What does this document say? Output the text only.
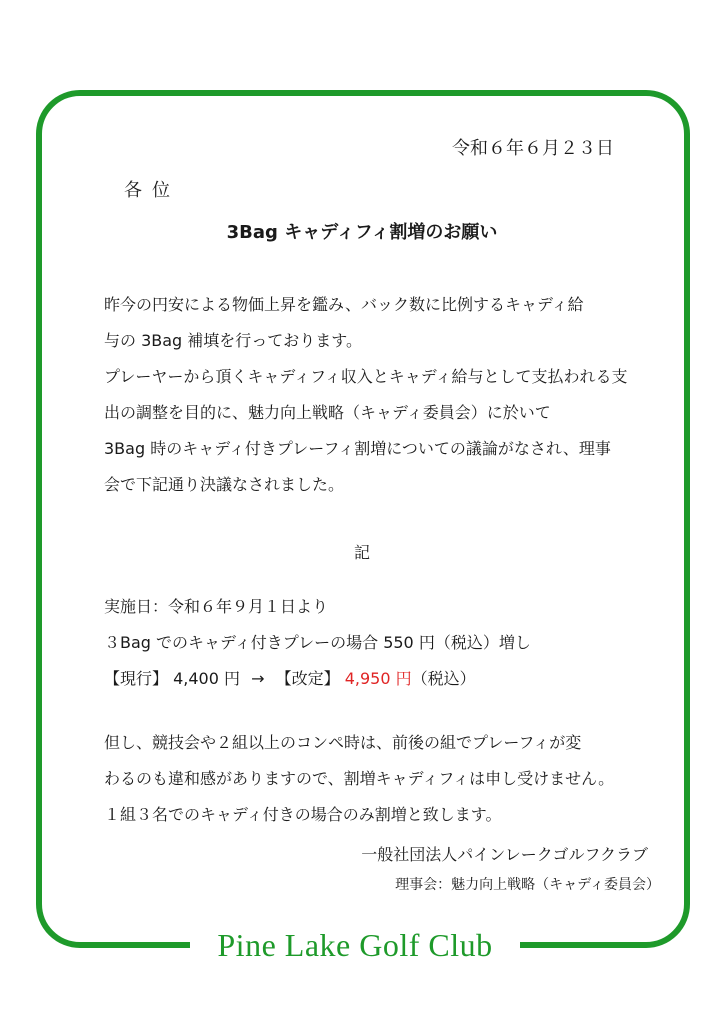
Pine Lake Golf Club
令和６年６月２３日
各位
3Bag キャディフィ割増のお願い
昨今の円安による物価上昇を鑑み、バック数に比例するキャディ給
与の 3Bag 補填を行っております。
プレーヤーから頂くキャディフィ収入とキャディ給与として支払われる支
出の調整を目的に、魅力向上戦略（キャディ委員会）に於いて
3Bag 時のキャディ付きプレーフィ割増についての議論がなされ、理事
会で下記通り決議なされました。
記
実施日：令和６年９月１日より
３Bag でのキャディ付きプレーの場合 550 円（税込）増し
【現行】 4,400 円 → 【改定】 4,950 円（税込）
但し、競技会や２組以上のコンペ時は、前後の組でプレーフィが変
わるのも違和感がありますので、割増キャディフィは申し受けません。
１組３名でのキャディ付きの場合のみ割増と致します。
一般社団法人パインレークゴルフクラブ
理事会：魅力向上戦略（キャディ委員会）
